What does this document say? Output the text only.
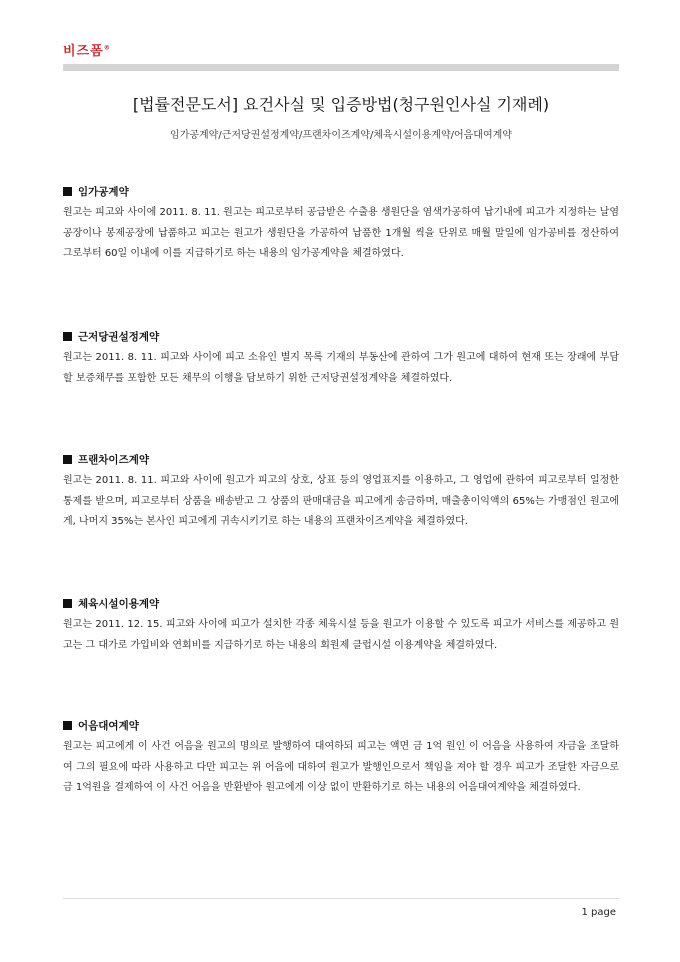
비즈폼®
[법률전문도서] 요건사실 및 입증방법(청구원인사실 기재례)
임가공계약/근저당권설정계약/프랜차이즈계약/체육시설이용계약/어음대여계약
임가공계약
원고는 피고와 사이에 2011. 8. 11. 원고는 피고로부터 공급받은 수출용 생원단을 염색가공하여 납기내에 피고가 지정하는 날염공장이나 봉제공장에 납품하고 피고는 원고가 생원단을 가공하여 납품한 1개월 씩을 단위로 매월 말일에 임가공비를 정산하여 그로부터 60일 이내에 이를 지급하기로 하는 내용의 임가공계약을 체결하였다.
근저당권설정계약
원고는 2011. 8. 11. 피고와 사이에 피고 소유인 별지 목록 기재의 부동산에 관하여 그가 원고에 대하여 현재 또는 장래에 부담할 보증채무를 포함한 모든 채무의 이행을 담보하기 위한 근저당권설정계약을 체결하였다.
프랜차이즈계약
원고는 2011. 8. 11. 피고와 사이에 원고가 피고의 상호, 상표 등의 영업표지를 이용하고, 그 영업에 관하여 피고로부터 일정한 통제를 받으며, 피고로부터 상품을 배송받고 그 상품의 판매대금을 피고에게 송금하며, 매출총이익액의 65%는 가맹점인 원고에게, 나머지 35%는 본사인 피고에게 귀속시키기로 하는 내용의 프랜차이즈계약을 체결하였다.
체육시설이용계약
원고는 2011. 12. 15. 피고와 사이에 피고가 설치한 각종 체육시설 등을 원고가 이용할 수 있도록 피고가 서비스를 제공하고 원고는 그 대가로 가입비와 연회비를 지급하기로 하는 내용의 회원제 클럽시설 이용계약을 체결하였다.
어음대여계약
원고는 피고에게 이 사건 어음을 원고의 명의로 발행하여 대여하되 피고는 액면 금 1억 원인 이 어음을 사용하여 자금을 조달하여 그의 필요에 따라 사용하고 다만 피고는 위 어음에 대하여 원고가 발행인으로서 책임을 져야 할 경우 피고가 조달한 자금으로 금 1억원을 결제하여 이 사건 어음을 반환받아 원고에게 이상 없이 반환하기로 하는 내용의 어음대여계약을 체결하였다.
1 page
